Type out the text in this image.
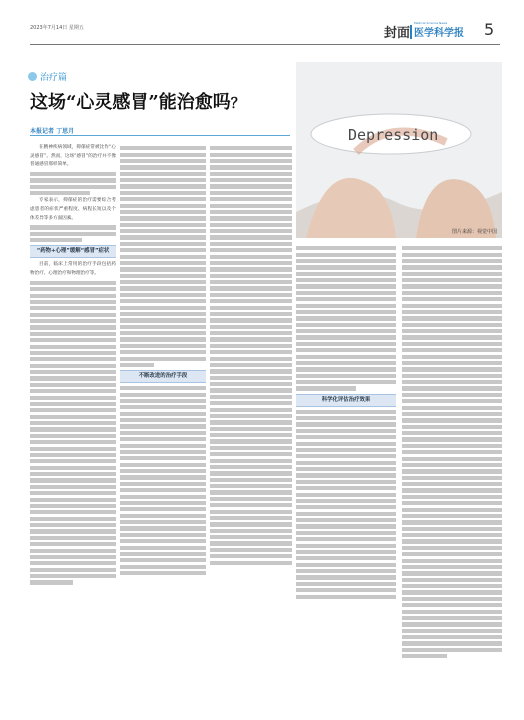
2023年7月14日 星期五	封面
Medical Science News
医学科学报 5
治疗篇
这场“心灵感冒”能治愈吗？
本报记者 丁思月	Depression
图片来源：视觉中国

在精神疾病领域，抑郁症常被比作“心灵感冒”。然而，这场“感冒”的治疗并不像普通感冒那样简单。

专家表示，抑郁症的治疗需要综合考虑患者的症状严重程度、病程长短以及个体差异等多方面因素。

“药物+心理”缓解“感冒”症状

目前，临床上常用的治疗手段包括药物治疗、心理治疗和物理治疗等。

不断改进的治疗手段
科学化评估治疗效果
